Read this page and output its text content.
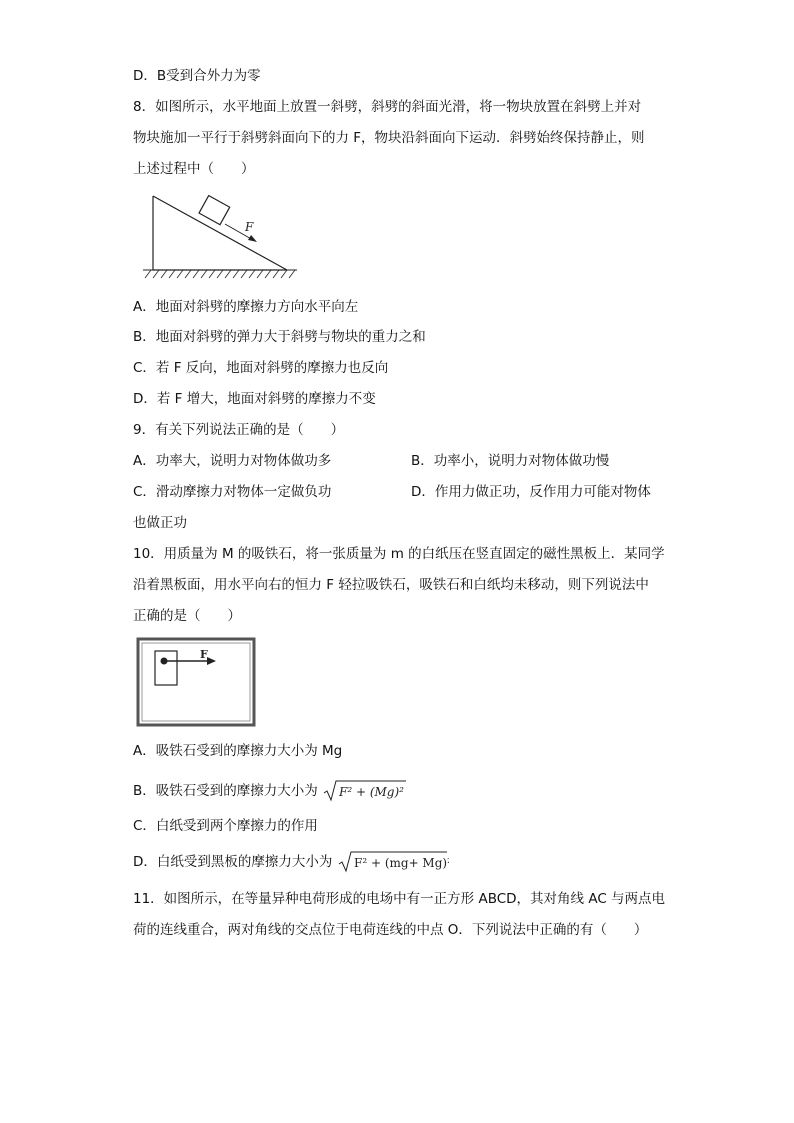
D．B受到合外力为零
8．如图所示，水平地面上放置一斜劈，斜劈的斜面光滑，将一物块放置在斜劈上并对
物块施加一平行于斜劈斜面向下的力 F，物块沿斜面向下运动．斜劈始终保持静止，则
上述过程中（　　）
F
A．地面对斜劈的摩擦力方向水平向左
B．地面对斜劈的弹力大于斜劈与物块的重力之和
C．若 F 反向，地面对斜劈的摩擦力也反向
D．若 F 增大，地面对斜劈的摩擦力不变
9．有关下列说法正确的是（　　）
A．功率大，说明力对物体做功多	B．功率小，说明力对物体做功慢
C．滑动摩擦力对物体一定做负功	D．作用力做正功，反作用力可能对物体
也做正功
10．用质量为 M 的吸铁石，将一张质量为 m 的白纸压在竖直固定的磁性黑板上．某同学
沿着黑板面，用水平向右的恒力 F 轻拉吸铁石，吸铁石和白纸均未移动，则下列说法中
正确的是（　　）
F
A．吸铁石受到的摩擦力大小为 Mg
B．吸铁石受到的摩擦力大小为 F² + (Mg)²
C．白纸受到两个摩擦力的作用
D．白纸受到黑板的摩擦力大小为 F² + (mg+ Mg)²
11．如图所示，在等量异种电荷形成的电场中有一正方形 ABCD，其对角线 AC 与两点电
荷的连线重合，两对角线的交点位于电荷连线的中点 O．下列说法中正确的有（　　）
